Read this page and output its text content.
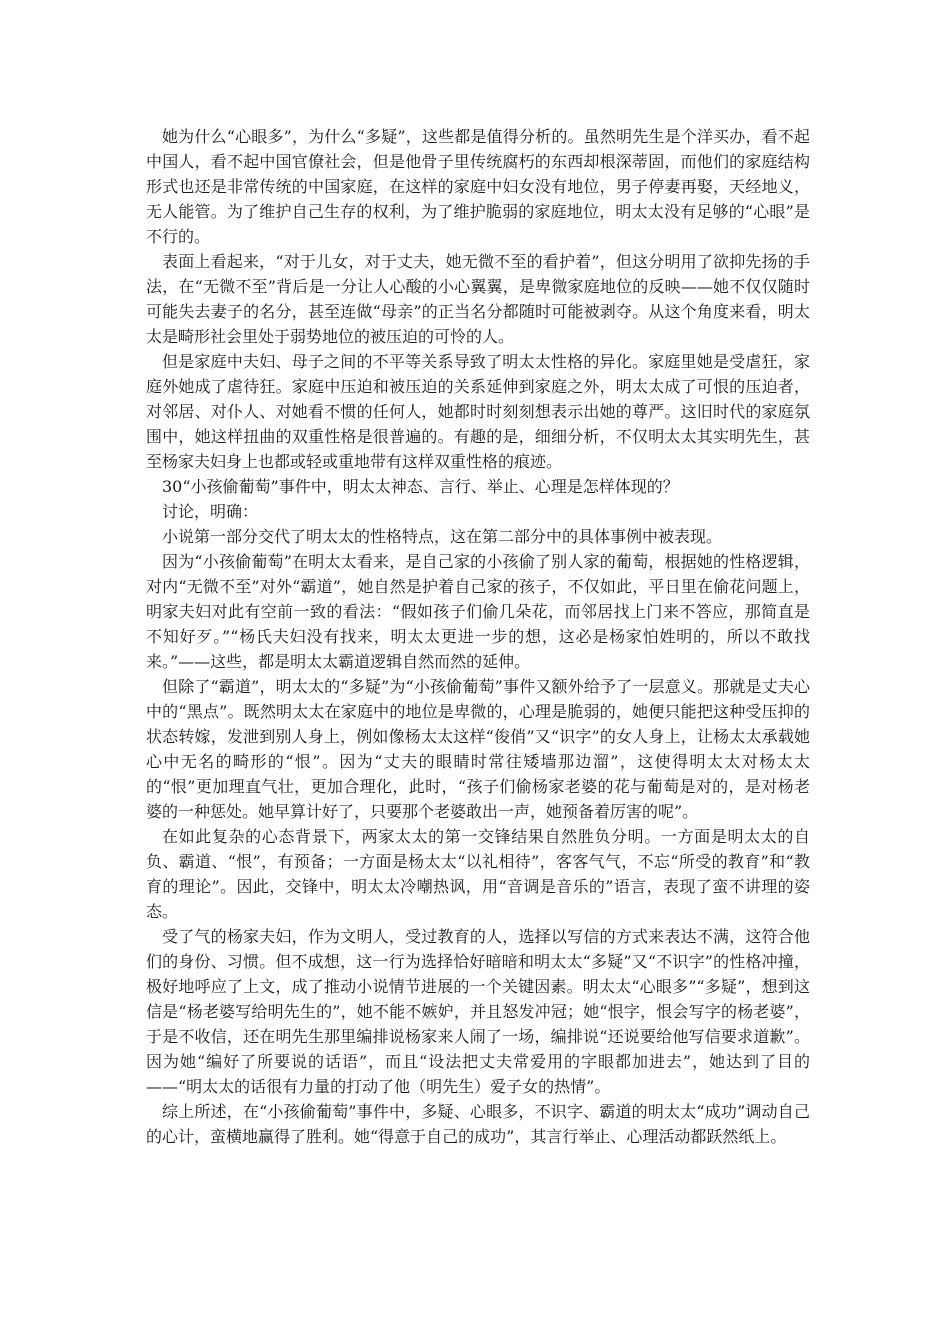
她为什么“心眼多”，为什么“多疑”，这些都是值得分析的。虽然明先生是个洋买办，看不起中国人，看不起中国官僚社会，但是他骨子里传统腐朽的东西却根深蒂固，而他们的家庭结构形式也还是非常传统的中国家庭，在这样的家庭中妇女没有地位，男子停妻再娶，天经地义，无人能管。为了维护自己生存的权利，为了维护脆弱的家庭地位，明太太没有足够的“心眼”是不行的。

表面上看起来，“对于儿女，对于丈夫，她无微不至的看护着”，但这分明用了欲抑先扬的手法，在“无微不至”背后是一分让人心酸的小心翼翼，是卑微家庭地位的反映——她不仅仅随时可能失去妻子的名分，甚至连做“母亲”的正当名分都随时可能被剥夺。从这个角度来看，明太太是畸形社会里处于弱势地位的被压迫的可怜的人。

但是家庭中夫妇、母子之间的不平等关系导致了明太太性格的异化。家庭里她是受虐狂，家庭外她成了虐待狂。家庭中压迫和被压迫的关系延伸到家庭之外，明太太成了可恨的压迫者，对邻居、对仆人、对她看不惯的任何人，她都时时刻刻想表示出她的尊严。这旧时代的家庭氛围中，她这样扭曲的双重性格是很普遍的。有趣的是，细细分析，不仅明太太其实明先生，甚至杨家夫妇身上也都或轻或重地带有这样双重性格的痕迹。

30“小孩偷葡萄”事件中，明太太神态、言行、举止、心理是怎样体现的？

讨论，明确：

小说第一部分交代了明太太的性格特点，这在第二部分中的具体事例中被表现。

因为“小孩偷葡萄”在明太太看来，是自己家的小孩偷了别人家的葡萄，根据她的性格逻辑，对内“无微不至”对外“霸道”，她自然是护着自己家的孩子，不仅如此，平日里在偷花问题上，明家夫妇对此有空前一致的看法：“假如孩子们偷几朵花，而邻居找上门来不答应，那简直是不知好歹。”“杨氏夫妇没有找来，明太太更进一步的想，这必是杨家怕姓明的，所以不敢找来。”——这些，都是明太太霸道逻辑自然而然的延伸。

但除了“霸道”，明太太的“多疑”为“小孩偷葡萄”事件又额外给予了一层意义。那就是丈夫心中的“黑点”。既然明太太在家庭中的地位是卑微的，心理是脆弱的，她便只能把这种受压抑的状态转嫁，发泄到别人身上，例如像杨太太这样“俊俏”又“识字”的女人身上，让杨太太承载她心中无名的畸形的“恨”。因为“丈夫的眼睛时常往矮墙那边溜”，这使得明太太对杨太太的“恨”更加理直气壮，更加合理化，此时，“孩子们偷杨家老婆的花与葡萄是对的，是对杨老婆的一种惩处。她早算计好了，只要那个老婆敢出一声，她预备着厉害的呢”。

在如此复杂的心态背景下，两家太太的第一交锋结果自然胜负分明。一方面是明太太的自负、霸道、“恨”，有预备；一方面是杨太太“以礼相待”，客客气气，不忘“所受的教育”和“教育的理论”。因此，交锋中，明太太冷嘲热讽，用“音调是音乐的”语言，表现了蛮不讲理的姿态。

受了气的杨家夫妇，作为文明人，受过教育的人，选择以写信的方式来表达不满，这符合他们的身份、习惯。但不成想，这一行为选择恰好暗暗和明太太“多疑”又“不识字”的性格冲撞，极好地呼应了上文，成了推动小说情节进展的一个关键因素。明太太“心眼多”“多疑”，想到这信是“杨老婆写给明先生的”，她不能不嫉妒，并且怒发冲冠；她“恨字，恨会写字的杨老婆”，于是不收信，还在明先生那里编排说杨家来人闹了一场，编排说“还说要给他写信要求道歉”。因为她“编好了所要说的话语”，而且“设法把丈夫常爱用的字眼都加进去”，她达到了目的——“明太太的话很有力量的打动了他（明先生）爱子女的热情”。

综上所述，在“小孩偷葡萄”事件中，多疑、心眼多，不识字、霸道的明太太“成功”调动自己的心计，蛮横地赢得了胜利。她“得意于自己的成功”，其言行举止、心理活动都跃然纸上。
